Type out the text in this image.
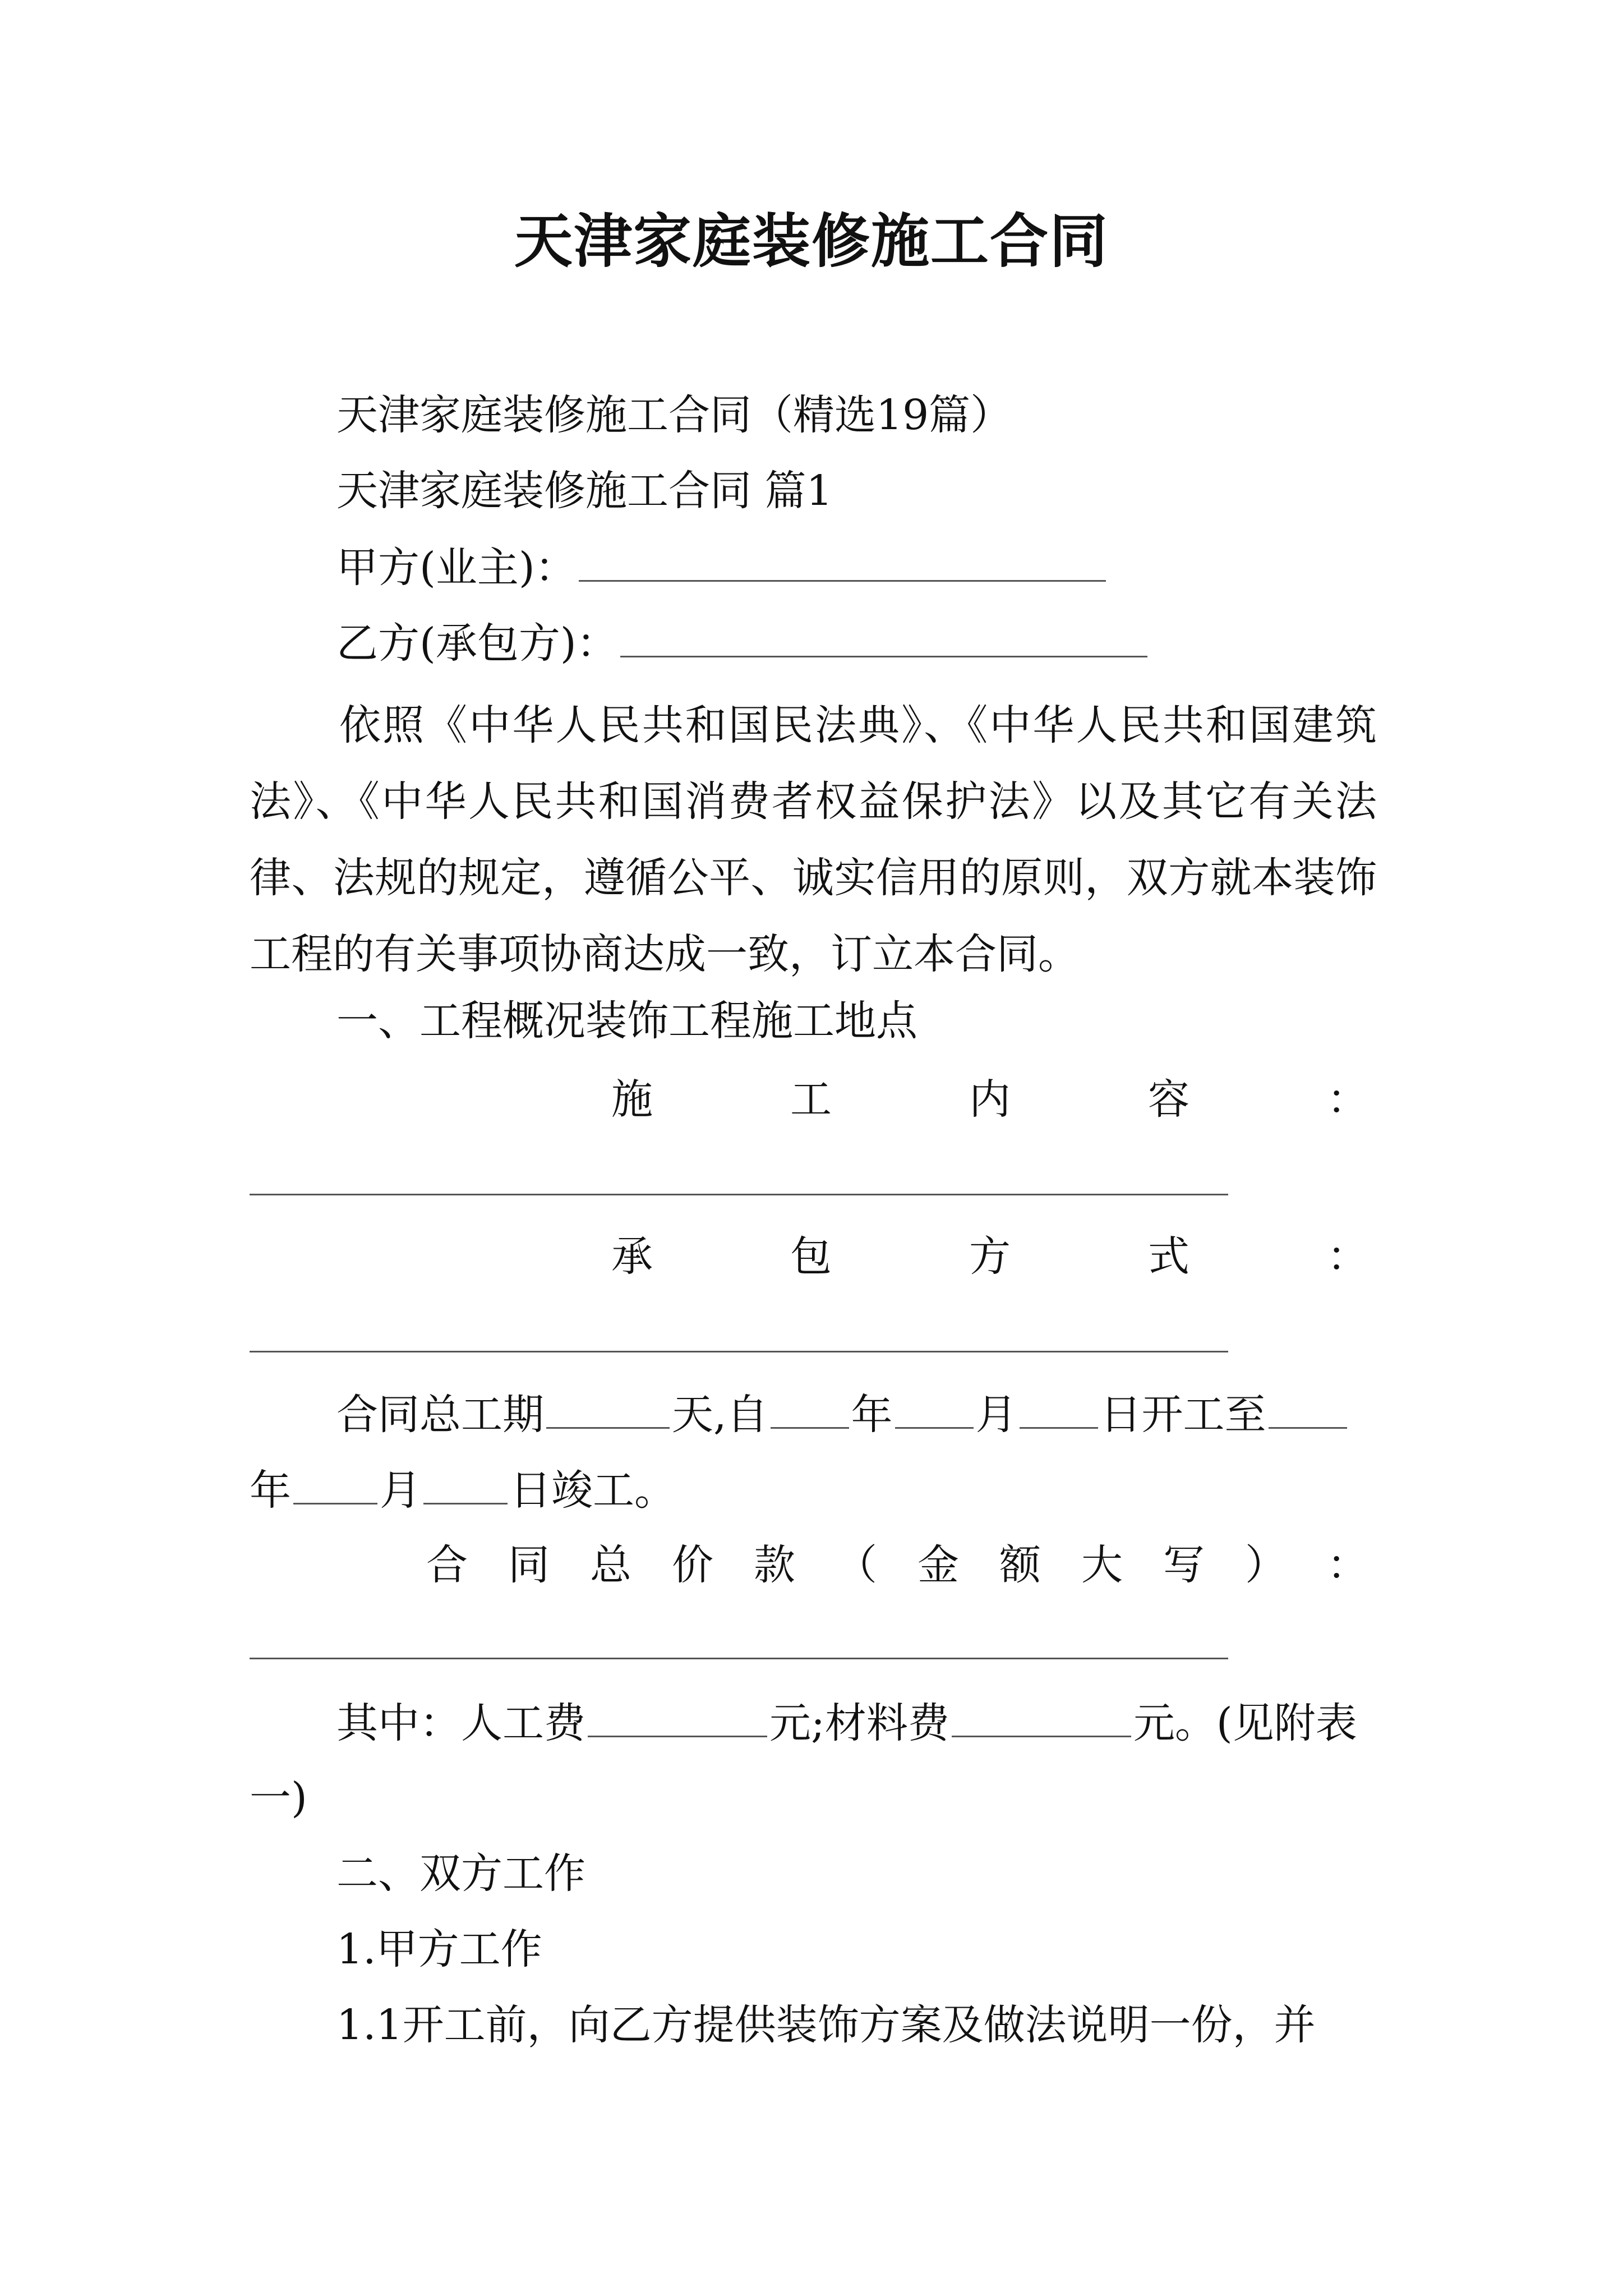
天津家庭装修施工合同
天津家庭装修施工合同（精选19篇）
天津家庭装修施工合同 篇1
甲方(业主)：
乙方(承包方)：
依照《中华人民共和国民法典》、《中华人民共和国建筑法》、《中华人民共和国消费者权益保护法》以及其它有关法律、法规的规定，遵循公平、诚实信用的原则，双方就本装饰工程的有关事项协商达成一致，订立本合同。
一、工程概况装饰工程施工地点
施	工	内	容	：
承	包	方	式	：
合同总工期	天,自 年 月 日开工至
年 月 日竣工。
合 同 总 价 款 （ 金 额 大 写 ） ：
其中：人工费	元;材料费	元。(见附表
一)
二、双方工作
1.甲方工作
1.1开工前，向乙方提供装饰方案及做法说明一份，并
